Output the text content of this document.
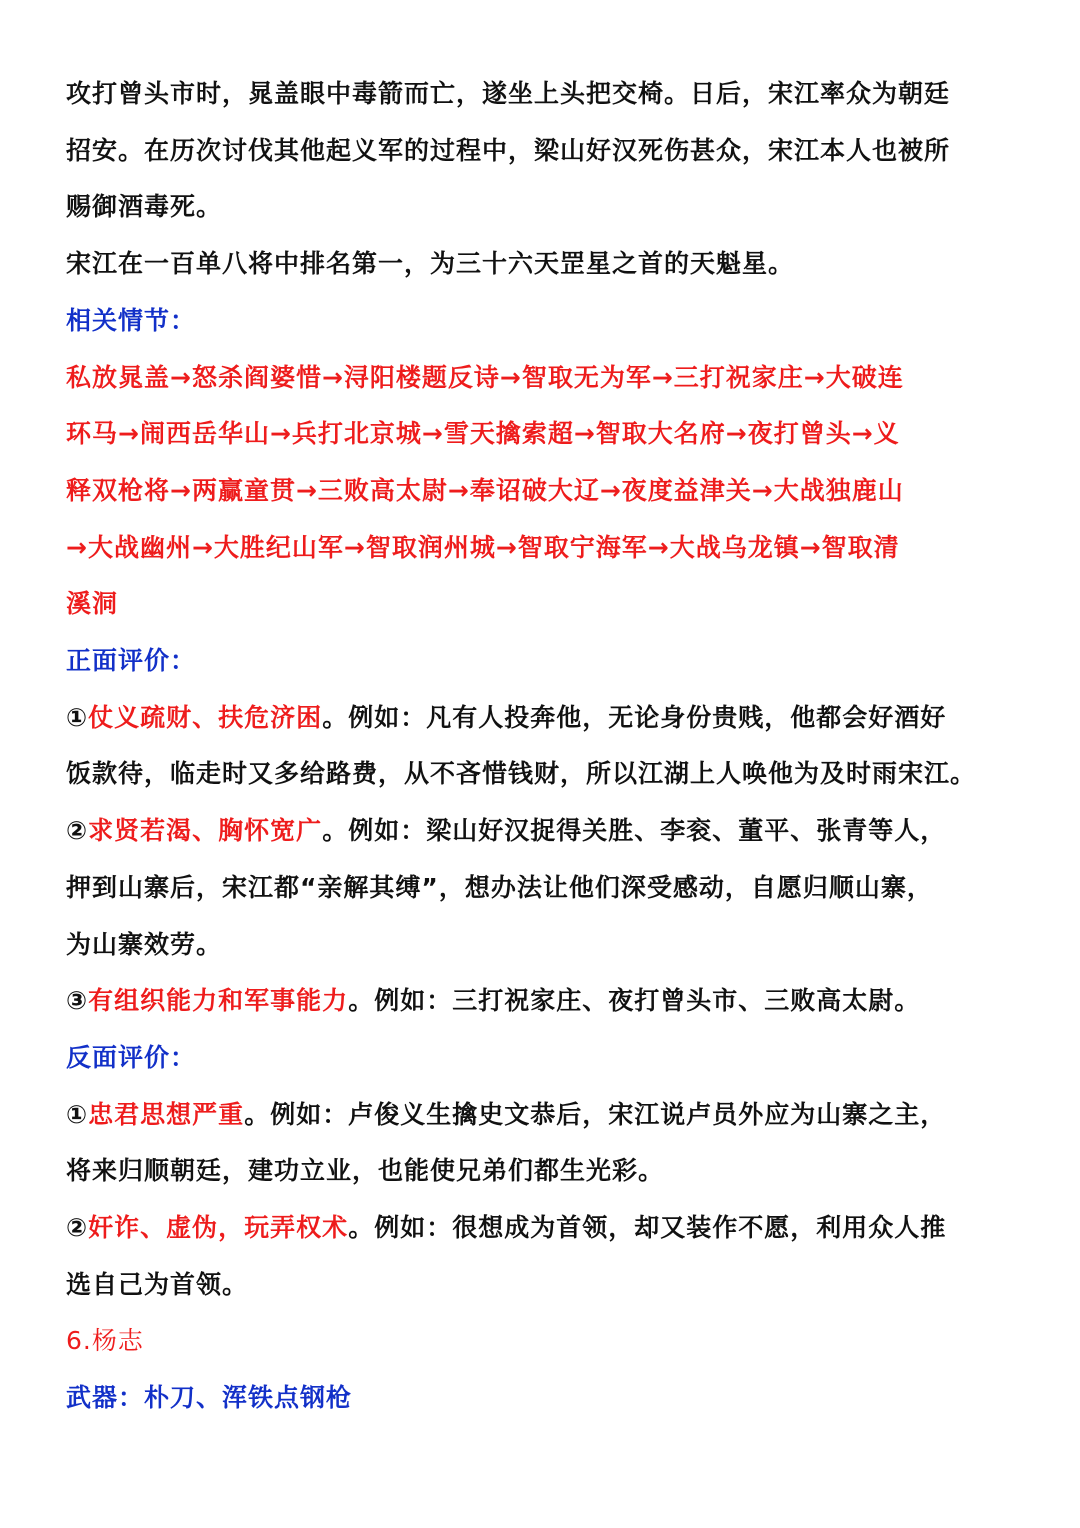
攻打曾头市时，晁盖眼中毒箭而亡，遂坐上头把交椅。日后，宋江率众为朝廷
招安。在历次讨伐其他起义军的过程中，梁山好汉死伤甚众，宋江本人也被所
赐御酒毒死。
宋江在一百单八将中排名第一，为三十六天罡星之首的天魁星。
相关情节：
私放晁盖→怒杀阎婆惜→浔阳楼题反诗→智取无为军→三打祝家庄→大破连
环马→闹西岳华山→兵打北京城→雪天擒索超→智取大名府→夜打曾头→义
释双枪将→两赢童贯→三败高太尉→奉诏破大辽→夜度益津关→大战独鹿山
→大战幽州→大胜纪山军→智取润州城→智取宁海军→大战乌龙镇→智取清
溪洞
正面评价：
①仗义疏财、扶危济困。例如：凡有人投奔他，无论身份贵贱，他都会好酒好
饭款待，临走时又多给路费，从不吝惜钱财，所以江湖上人唤他为及时雨宋江。
②求贤若渴、胸怀宽广。例如：梁山好汉捉得关胜、李衮、董平、张青等人，
押到山寨后，宋江都“亲解其缚”，想办法让他们深受感动，自愿归顺山寨，
为山寨效劳。
③有组织能力和军事能力。例如：三打祝家庄、夜打曾头市、三败高太尉。
反面评价：
①忠君思想严重。例如：卢俊义生擒史文恭后，宋江说卢员外应为山寨之主，
将来归顺朝廷，建功立业，也能使兄弟们都生光彩。
②奸诈、虚伪，玩弄权术。例如：很想成为首领，却又装作不愿，利用众人推
选自己为首领。
6.杨志
武器：朴刀、浑铁点钢枪
